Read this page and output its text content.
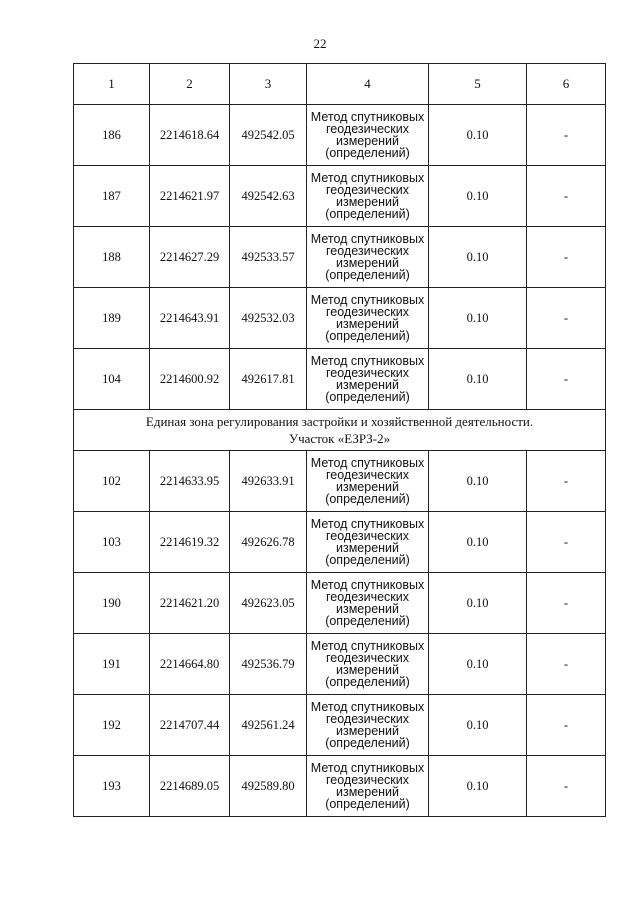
22
1	2	3	4	5	6
186	2214618.64	492542.05	Метод спутниковых геодезических измерений (определений)	0.10	-
187	2214621.97	492542.63	Метод спутниковых геодезических измерений (определений)	0.10	-
188	2214627.29	492533.57	Метод спутниковых геодезических измерений (определений)	0.10	-
189	2214643.91	492532.03	Метод спутниковых геодезических измерений (определений)	0.10	-
104	2214600.92	492617.81	Метод спутниковых геодезических измерений (определений)	0.10	-

Единая зона регулирования застройки и хозяйственной деятельности.
Участок «ЕЗРЗ-2»					

102	2214633.95	492633.91	Метод спутниковых геодезических измерений (определений)	0.10	-
103	2214619.32	492626.78	Метод спутниковых геодезических измерений (определений)	0.10	-
190	2214621.20	492623.05	Метод спутниковых геодезических измерений (определений)	0.10	-
191	2214664.80	492536.79	Метод спутниковых геодезических измерений (определений)	0.10	-
192	2214707.44	492561.24	Метод спутниковых геодезических измерений (определений)	0.10	-
193	2214689.05	492589.80	Метод спутниковых геодезических измерений (определений)	0.10	-
